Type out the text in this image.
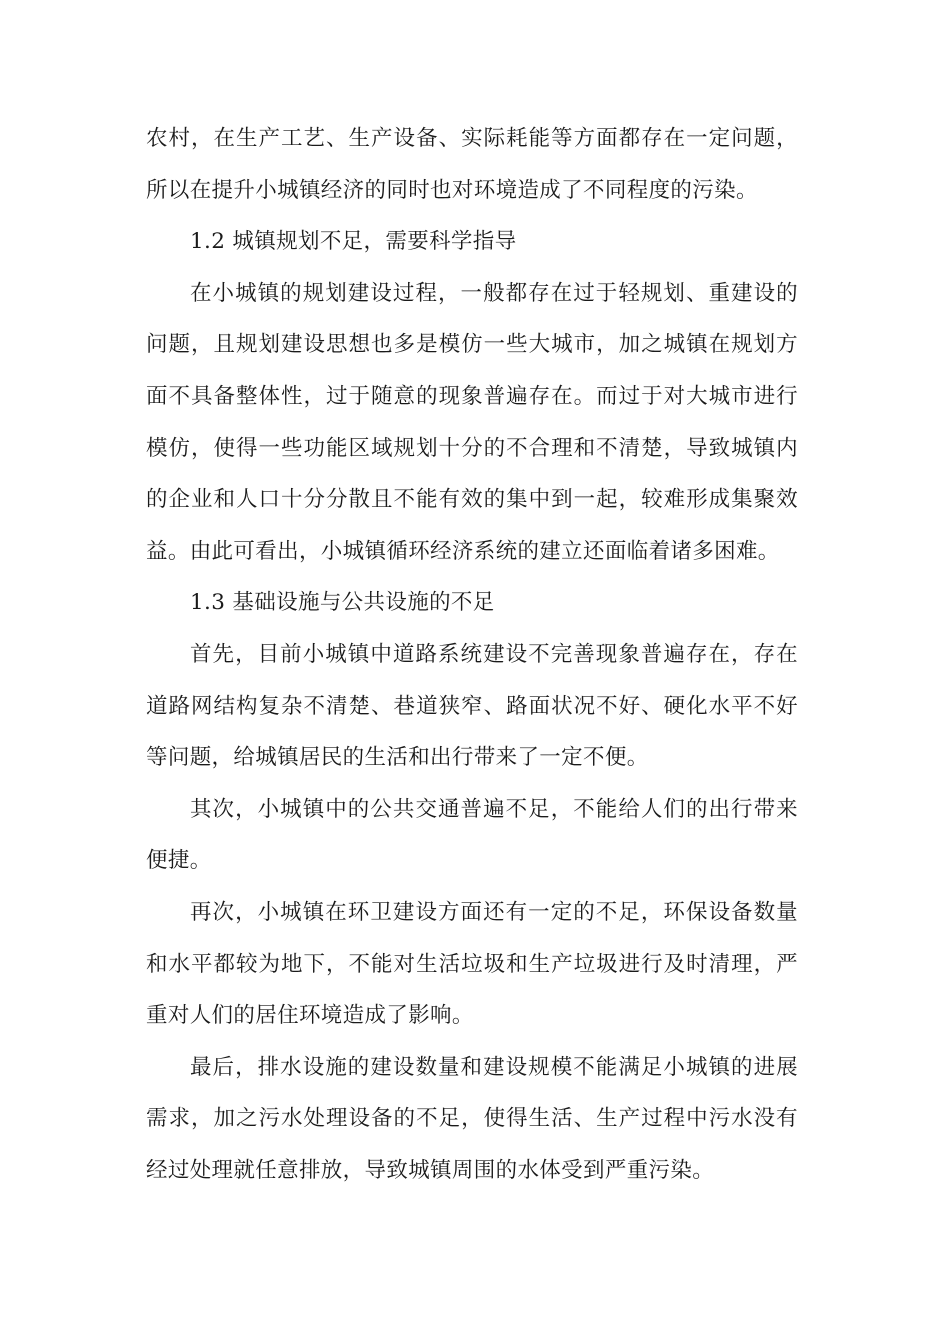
农村，在生产工艺、生产设备、实际耗能等方面都存在一定问题，所以在提升小城镇经济的同时也对环境造成了不同程度的污染。

1.2 城镇规划不足，需要科学指导

在小城镇的规划建设过程，一般都存在过于轻规划、重建设的问题，且规划建设思想也多是模仿一些大城市，加之城镇在规划方面不具备整体性，过于随意的现象普遍存在。而过于对大城市进行模仿，使得一些功能区域规划十分的不合理和不清楚，导致城镇内的企业和人口十分分散且不能有效的集中到一起，较难形成集聚效益。由此可看出，小城镇循环经济系统的建立还面临着诸多困难。

1.3 基础设施与公共设施的不足

首先，目前小城镇中道路系统建设不完善现象普遍存在，存在道路网结构复杂不清楚、巷道狭窄、路面状况不好、硬化水平不好等问题，给城镇居民的生活和出行带来了一定不便。

其次，小城镇中的公共交通普遍不足，不能给人们的出行带来便捷。

再次，小城镇在环卫建设方面还有一定的不足，环保设备数量和水平都较为地下，不能对生活垃圾和生产垃圾进行及时清理，严重对人们的居住环境造成了影响。

最后，排水设施的建设数量和建设规模不能满足小城镇的进展需求，加之污水处理设备的不足，使得生活、生产过程中污水没有经过处理就任意排放，导致城镇周围的水体受到严重污染。
